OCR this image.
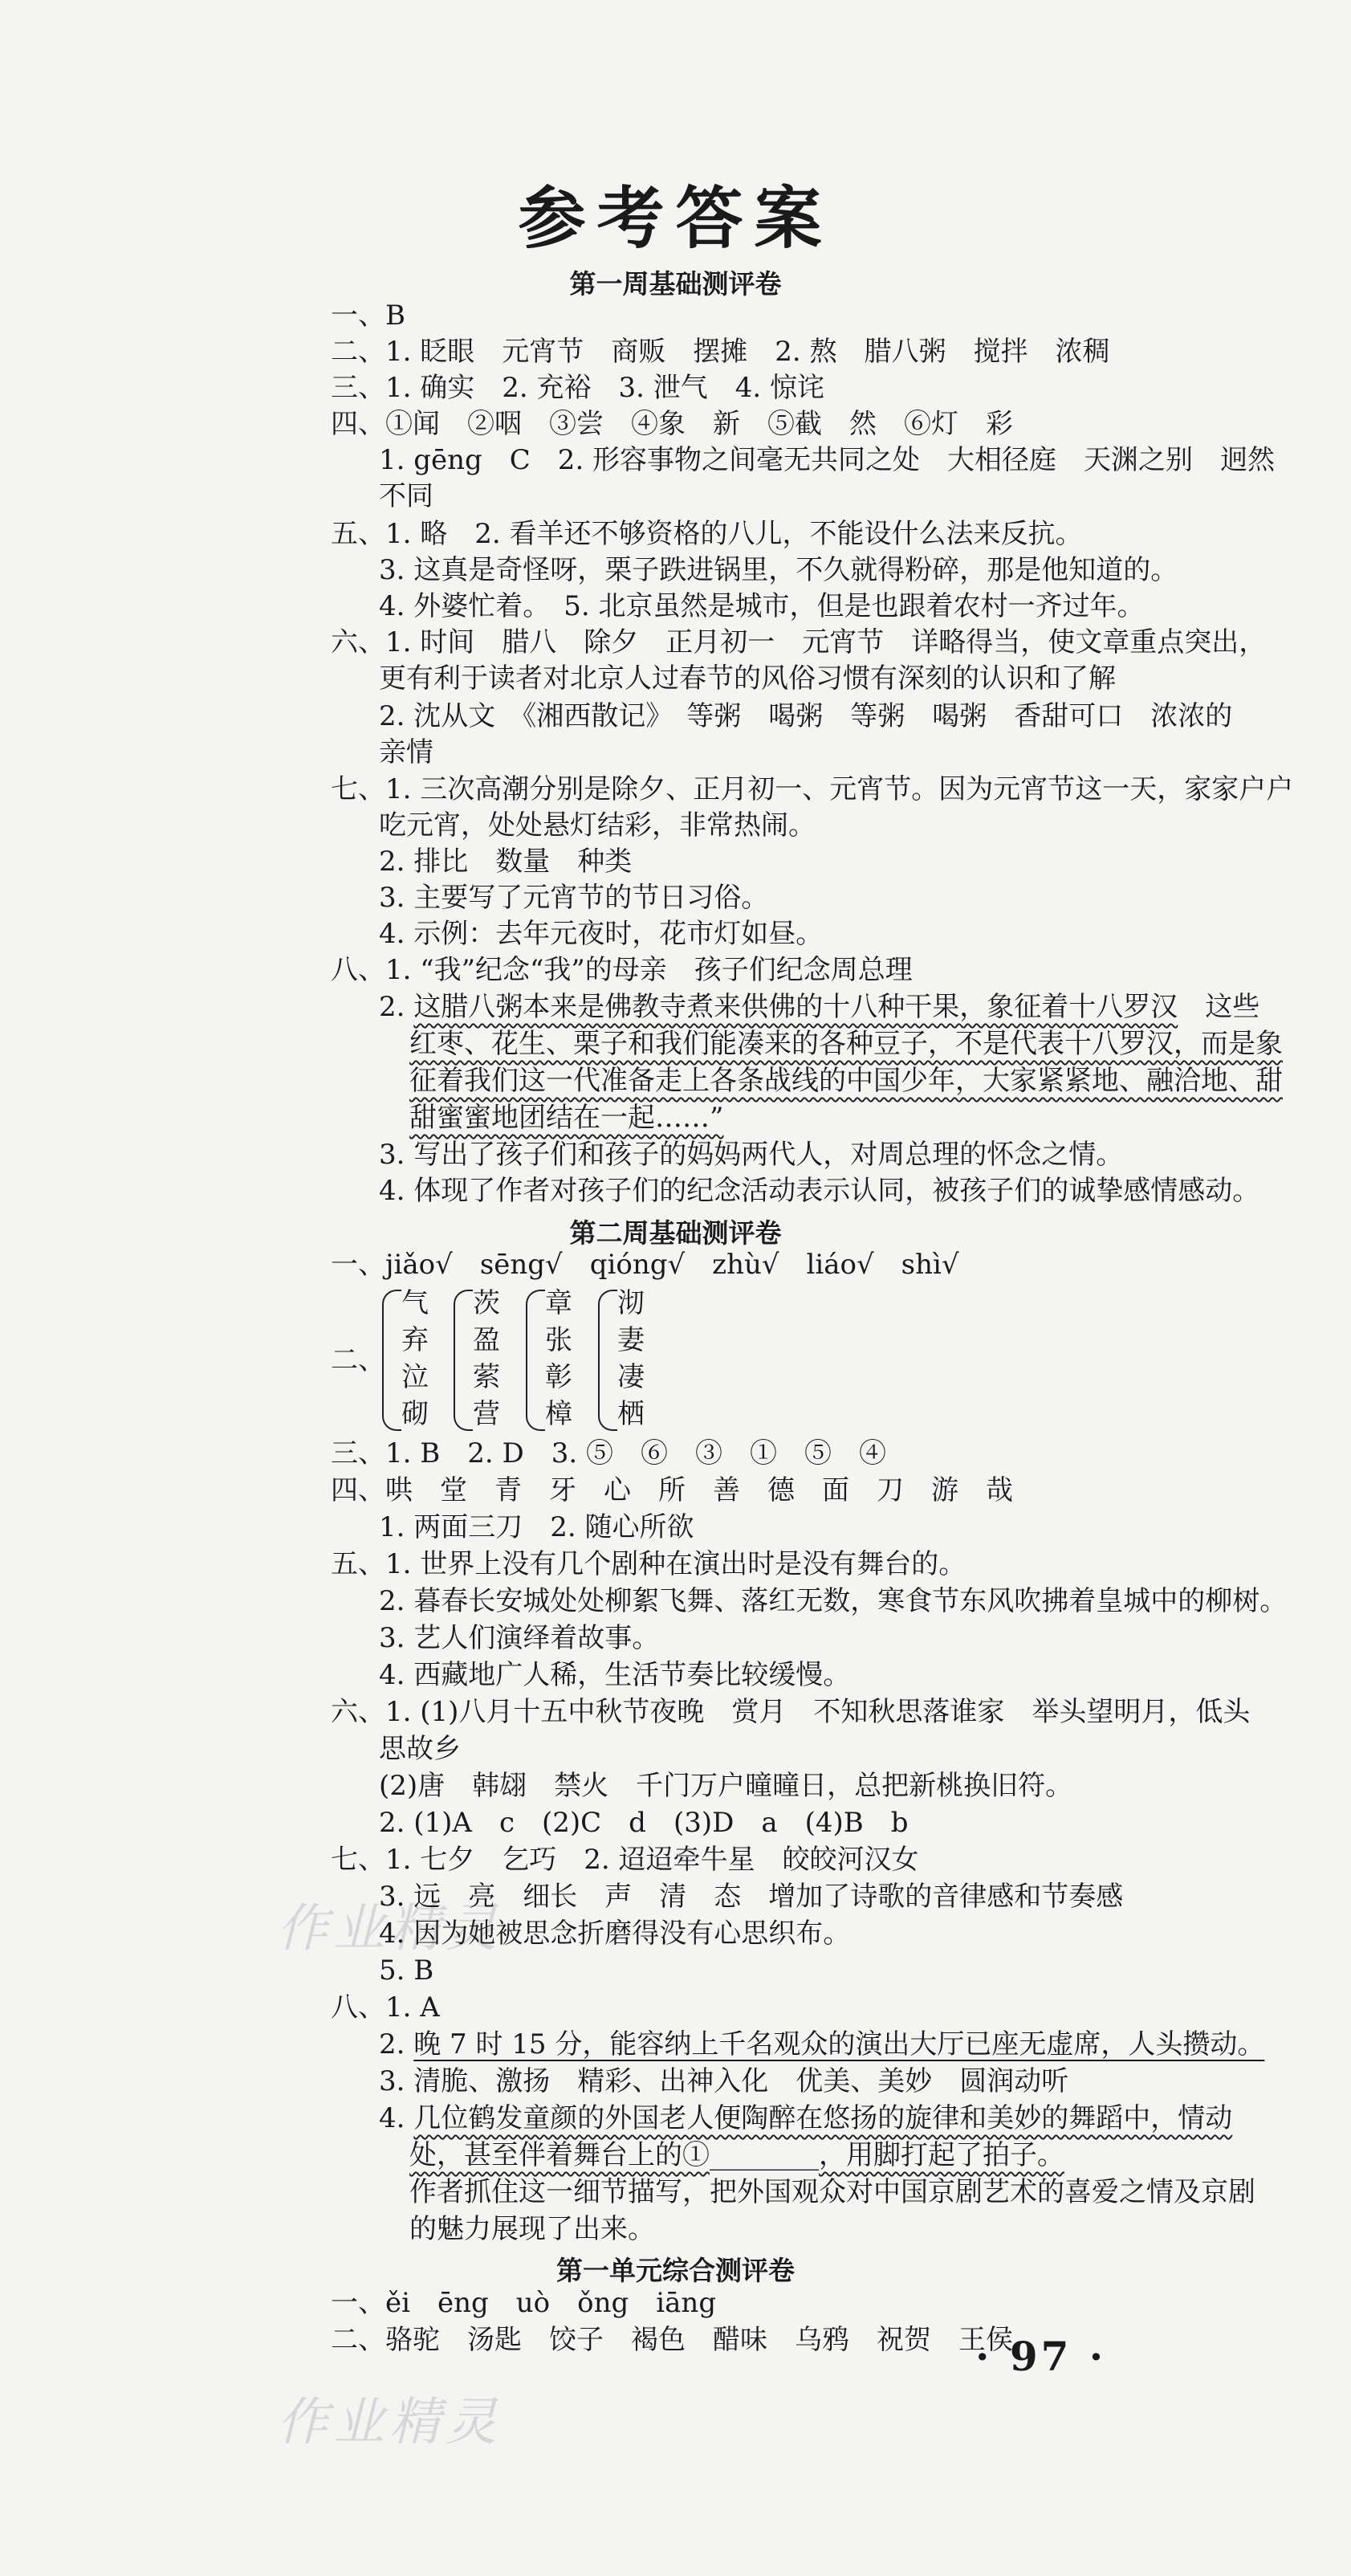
作业精灵
作业精灵
参考答案
第一周基础测评卷
一、B
二、1. 眨眼　元宵节　商贩　摆摊　2. 熬　腊八粥　搅拌　浓稠
三、1. 确实　2. 充裕　3. 泄气　4. 惊诧
四、①闻　②咽　③尝　④象　新　⑤截　然　⑥灯　彩
1. gēng　C　2. 形容事物之间毫无共同之处　大相径庭　天渊之别　迥然
不同
五、1. 略　2. 看羊还不够资格的八儿，不能设什么法来反抗。
3. 这真是奇怪呀，栗子跌进锅里，不久就得粉碎，那是他知道的。
4. 外婆忙着。　5. 北京虽然是城市，但是也跟着农村一齐过年。
六、1. 时间　腊八　除夕　正月初一　元宵节　详略得当，使文章重点突出，
更有利于读者对北京人过春节的风俗习惯有深刻的认识和了解
2. 沈从文　《湘西散记》　等粥　喝粥　等粥　喝粥　香甜可口　浓浓的
亲情
七、1. 三次高潮分别是除夕、正月初一、元宵节。因为元宵节这一天，家家户户
吃元宵，处处悬灯结彩，非常热闹。
2. 排比　数量　种类
3. 主要写了元宵节的节日习俗。
4. 示例：去年元夜时，花市灯如昼。
八、1. “我”纪念“我”的母亲　孩子们纪念周总理
2. 这腊八粥本来是佛教寺煮来供佛的十八种干果，象征着十八罗汉　这些
红枣、花生、栗子和我们能凑来的各种豆子，不是代表十八罗汉，而是象
征着我们这一代准备走上各条战线的中国少年，大家紧紧地、融洽地、甜
甜蜜蜜地团结在一起……”
3. 写出了孩子们和孩子的妈妈两代人，对周总理的怀念之情。
4. 体现了作者对孩子们的纪念活动表示认同，被孩子们的诚挚感情感动。
第二周基础测评卷
一、jiǎo√　sēng√　qióng√　zhù√　liáo√　shì√
二、
气
弃
泣
砌
茨
盈
萦
营
章
张
彰
樟
沏
妻
凄
栖
三、1. B　2. D　3. ⑤　⑥　③　①　⑤　④
四、哄　堂　青　牙　心　所　善　德　面　刀　游　哉
1. 两面三刀　2. 随心所欲
五、1. 世界上没有几个剧种在演出时是没有舞台的。
2. 暮春长安城处处柳絮飞舞、落红无数，寒食节东风吹拂着皇城中的柳树。
3. 艺人们演绎着故事。
4. 西藏地广人稀，生活节奏比较缓慢。
六、1. (1)八月十五中秋节夜晚　赏月　不知秋思落谁家　举头望明月，低头
思故乡
(2)唐　韩翃　禁火　千门万户曈曈日，总把新桃换旧符。
2. (1)A　c　(2)C　d　(3)D　a　(4)B　b
七、1. 七夕　乞巧　2. 迢迢牵牛星　皎皎河汉女
3. 远　亮　细长　声　清　态　增加了诗歌的音律感和节奏感
4. 因为她被思念折磨得没有心思织布。
5. B
八、1. A
2. 晚 7 时 15 分，能容纳上千名观众的演出大厅已座无虚席，人头攒动。
3. 清脆、激扬　精彩、出神入化　优美、美妙　圆润动听
4. 几位鹤发童颜的外国老人便陶醉在悠扬的旋律和美妙的舞蹈中，情动
处，甚至伴着舞台上的①________，用脚打起了拍子。
作者抓住这一细节描写，把外国观众对中国京剧艺术的喜爱之情及京剧
的魅力展现了出来。
第一单元综合测评卷
一、ěi　ēng　uò　ǒng　iāng
二、骆驼　汤匙　饺子　褐色　醋味　乌鸦　祝贺　王侯
· 97 ·
